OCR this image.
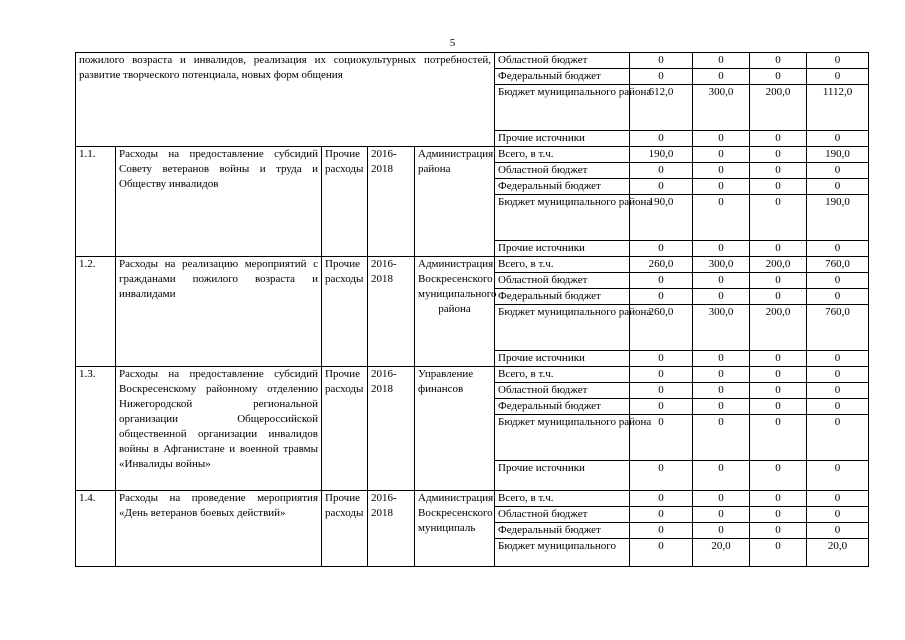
5
пожилого возраста и инвалидов, реализация их социокультурных потребностей, развитие творческого потенциала, новых форм общения					Областной бюджет	0	0	0	0
					Федеральный бюджет	0	0	0	0
					Бюджет муниципального района	612,0	300,0	200,0	1112,0
					Прочие источники	0	0	0	0
1.1.	Расходы на предоставление субсидий Совету ветеранов войны и труда и Обществу инвалидов	Прочие расходы	2016-2018	Администрация района	Всего, в т.ч.	190,0	0	0	190,0
					Областной бюджет	0	0	0	0
					Федеральный бюджет	0	0	0	0
					Бюджет муниципального района	190,0	0	0	190,0
					Прочие источники	0	0	0	0
1.2.	Расходы на реализацию мероприятий с гражданами пожилого возраста и инвалидами	Прочие расходы	2016-2018	Администрация Воскресенского муниципального района	Всего, в т.ч.	260,0	300,0	200,0	760,0
					Областной бюджет	0	0	0	0
					Федеральный бюджет	0	0	0	0
					Бюджет муниципального района	260,0	300,0	200,0	760,0
					Прочие источники	0	0	0	0
1.3.	Расходы на предоставление субсидий Воскресенскому районному отделению Нижегородской региональной организации Общероссийской общественной организации инвалидов войны в Афганистане и военной травмы «Инвалиды войны»	Прочие расходы	2016-2018	Управление финансов	Всего, в т.ч.	0	0	0	0
					Областной бюджет	0	0	0	0
					Федеральный бюджет	0	0	0	0
					Бюджет муниципального района	0	0	0	0
					Прочие источники	0	0	0	0
1.4.	Расходы на проведение мероприятия «День ветеранов боевых действий»	Прочие расходы	2016-2018	Администрация Воскресенского муниципаль	Всего, в т.ч.	0	0	0	0
					Областной бюджет	0	0	0	0
					Федеральный бюджет	0	0	0	0
					Бюджет муниципального	0	20,0	0	20,0
